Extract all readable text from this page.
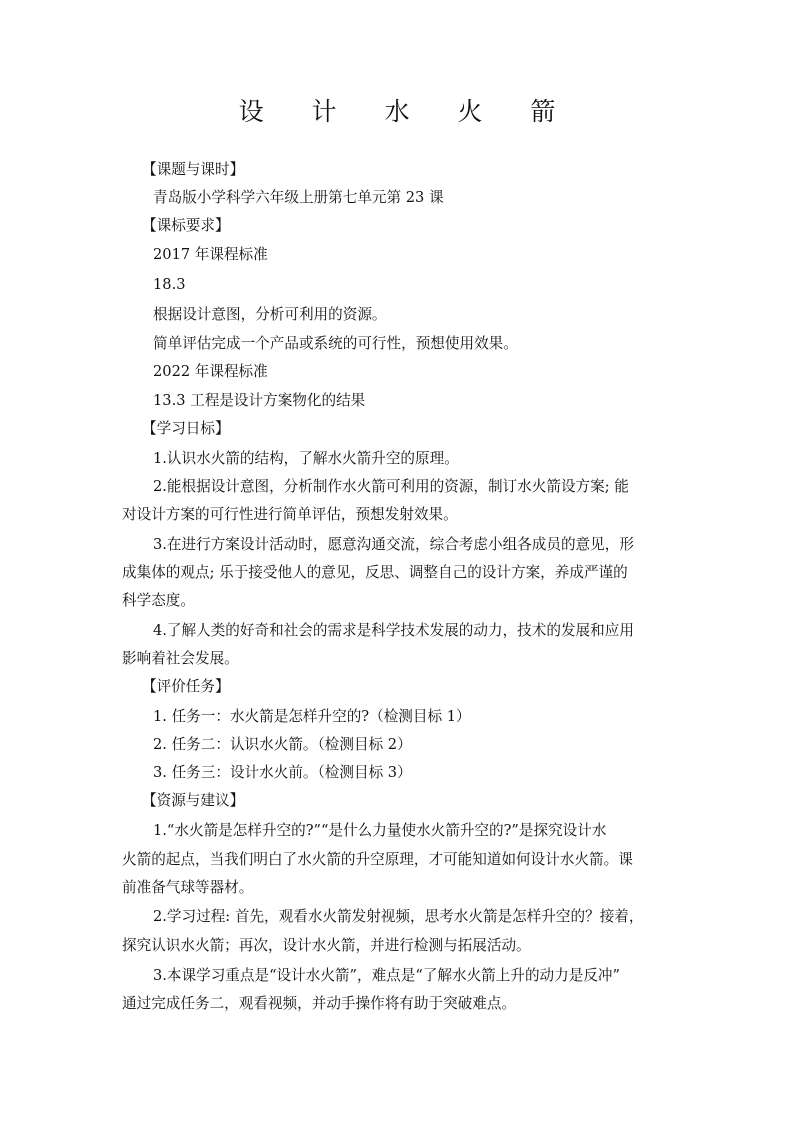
设 计 水 火 箭
【课题与课时】
青岛版小学科学六年级上册第七单元第 23 课
【课标要求】
2017 年课程标准
18.3
根据设计意图，分析可利用的资源。
简单评估完成一个产品或系统的可行性，预想使用效果。
2022 年课程标准
13.3 工程是设计方案物化的结果
【学习日标】
1.认识水火箭的结构，了解水火箭升空的原理。
2.能根据设计意图，分析制作水火箭可利用的资源，制订水火箭设方案; 能
对设计方案的可行性进行简单评估，预想发射效果。
3.在进行方案设计活动时，愿意沟通交流，综合考虑小组各成员的意见，形
成集体的观点; 乐于接受他人的意见，反思、调整自己的设计方案，养成严谨的
科学态度。
4.了解人类的好奇和社会的需求是科学技术发展的动力，技术的发展和应用
影响着社会发展。
【评价任务】
1. 任务一：水火箭是怎样升空的?（检测目标 1）
2. 任务二：认识水火箭。（检测目标 2）
3. 任务三：设计水火前。（检测目标 3）
【资源与建议】
1.“水火箭是怎样升空的?”“是什么力量使水火箭升空的?”是探究设计水
火箭的起点，当我们明白了水火箭的升空原理，才可能知道如何设计水火箭。课
前准备气球等器材。
2.学习过程: 首先，观看水火箭发射视频，思考水火箭是怎样升空的？接着，
探究认识水火箭；再次，设计水火箭，并进行检测与拓展活动。
3.本课学习重点是“设计水火箭”，难点是“了解水火箭上升的动力是反冲”
通过完成任务二，观看视频，并动手操作将有助于突破难点。
